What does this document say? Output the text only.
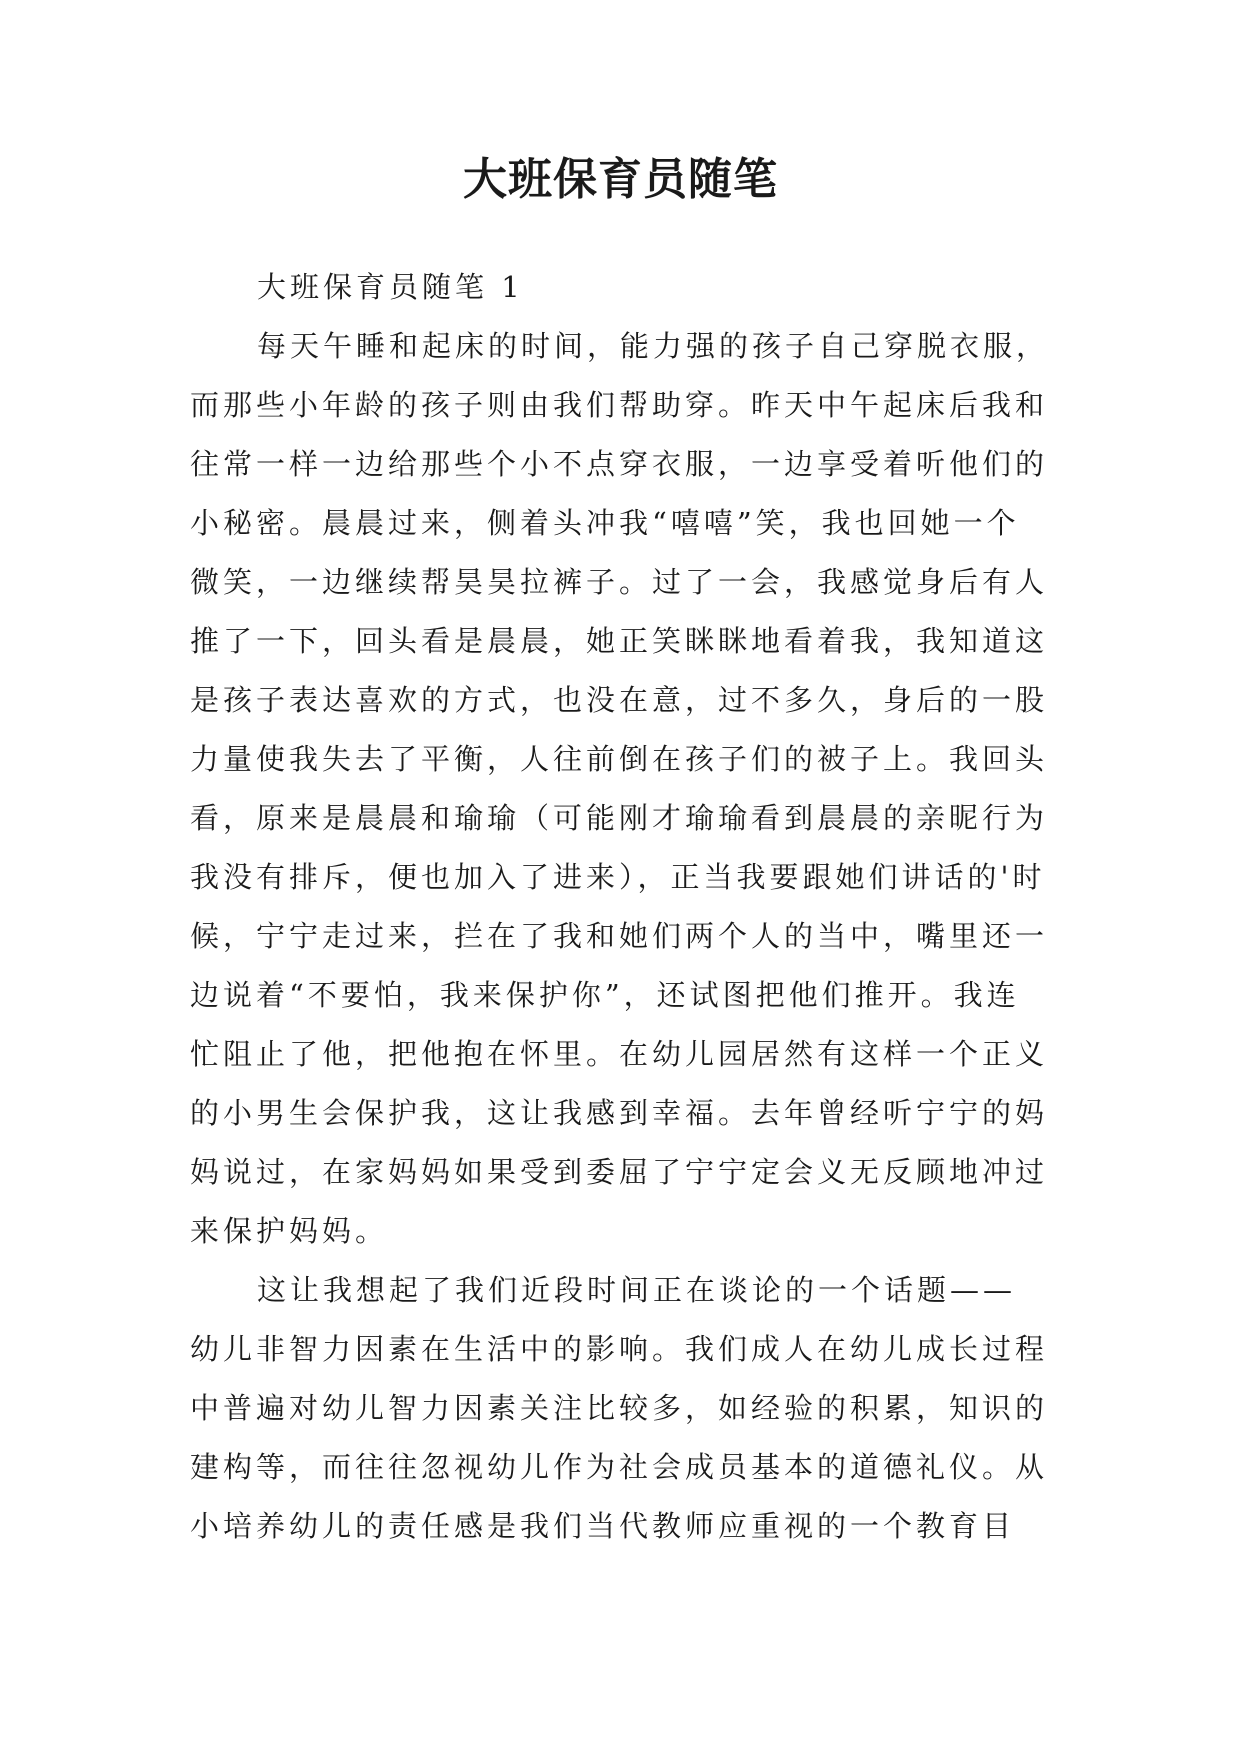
大班保育员随笔
大班保育员随笔 1
每天午睡和起床的时间，能力强的孩子自己穿脱衣服，
而那些小年龄的孩子则由我们帮助穿。昨天中午起床后我和
往常一样一边给那些个小不点穿衣服，一边享受着听他们的
小秘密。晨晨过来，侧着头冲我“嘻嘻”笑，我也回她一个
微笑，一边继续帮昊昊拉裤子。过了一会，我感觉身后有人
推了一下，回头看是晨晨，她正笑眯眯地看着我，我知道这
是孩子表达喜欢的方式，也没在意，过不多久，身后的一股
力量使我失去了平衡，人往前倒在孩子们的被子上。我回头
看，原来是晨晨和瑜瑜（可能刚才瑜瑜看到晨晨的亲昵行为
我没有排斥，便也加入了进来），正当我要跟她们讲话的'时
候，宁宁走过来，拦在了我和她们两个人的当中，嘴里还一
边说着“不要怕，我来保护你”，还试图把他们推开。我连
忙阻止了他，把他抱在怀里。在幼儿园居然有这样一个正义
的小男生会保护我，这让我感到幸福。去年曾经听宁宁的妈
妈说过，在家妈妈如果受到委屈了宁宁定会义无反顾地冲过
来保护妈妈。
这让我想起了我们近段时间正在谈论的一个话题——
幼儿非智力因素在生活中的影响。我们成人在幼儿成长过程
中普遍对幼儿智力因素关注比较多，如经验的积累，知识的
建构等，而往往忽视幼儿作为社会成员基本的道德礼仪。从
小培养幼儿的责任感是我们当代教师应重视的一个教育目
